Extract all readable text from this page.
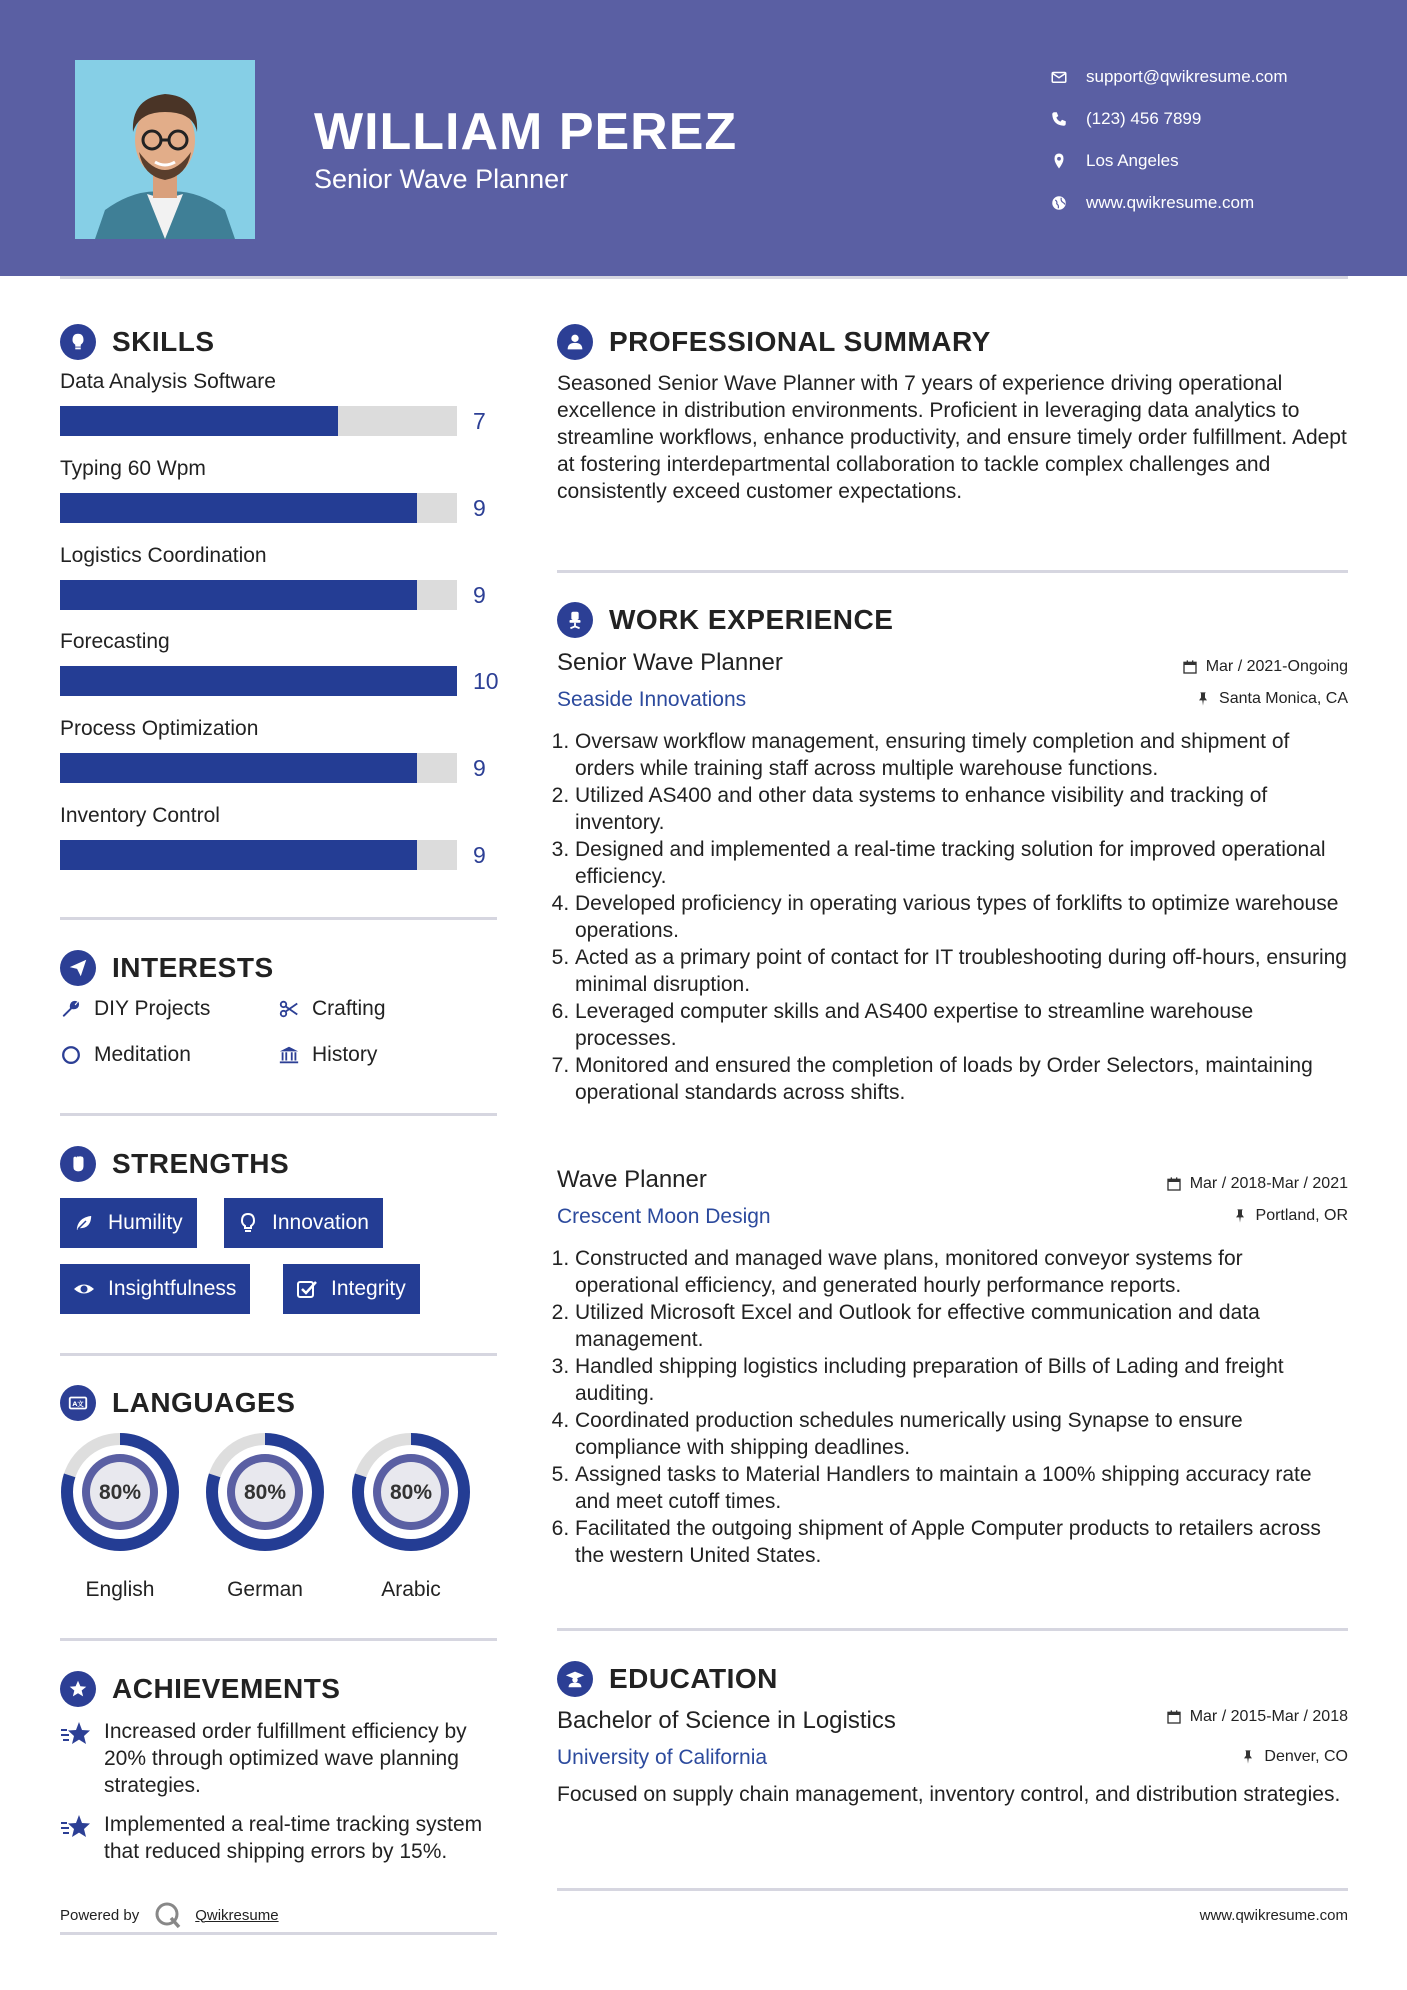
WILLIAM PEREZ
Senior Wave Planner
support@qwikresume.com
(123) 456 7899
Los Angeles
www.qwikresume.com
SKILLS
Data Analysis Software
7
Typing 60 Wpm
9
Logistics Coordination
9
Forecasting
10
Process Optimization
9
Inventory Control
9
INTERESTS
DIY Projects	Crafting
Meditation	History
STRENGTHS
Humility	Innovation
Insightfulness	Integrity
A文 LANGUAGES
80%
English
80%
German
80%
Arabic
ACHIEVEMENTS
Increased order fulfillment efficiency by 20% through optimized wave planning strategies.
Implemented a real-time tracking system that reduced shipping errors by 15%.
PROFESSIONAL SUMMARY
Seasoned Senior Wave Planner with 7 years of experience driving operational excellence in distribution environments. Proficient in leveraging data analytics to streamline workflows, enhance productivity, and ensure timely order fulfillment. Adept at fostering interdepartmental collaboration to tackle complex challenges and consistently exceed customer expectations.
WORK EXPERIENCE
Senior Wave Planner	Mar / 2021-Ongoing
Seaside Innovations	Santa Monica, CA
1. Oversaw workflow management, ensuring timely completion and shipment of orders while training staff across multiple warehouse functions.
2. Utilized AS400 and other data systems to enhance visibility and tracking of inventory.
3. Designed and implemented a real-time tracking solution for improved operational efficiency.
4. Developed proficiency in operating various types of forklifts to optimize warehouse operations.
5. Acted as a primary point of contact for IT troubleshooting during off-hours, ensuring minimal disruption.
6. Leveraged computer skills and AS400 expertise to streamline warehouse processes.
7. Monitored and ensured the completion of loads by Order Selectors, maintaining operational standards across shifts.
Wave Planner	Mar / 2018-Mar / 2021
Crescent Moon Design	Portland, OR
1. Constructed and managed wave plans, monitored conveyor systems for operational efficiency, and generated hourly performance reports.
2. Utilized Microsoft Excel and Outlook for effective communication and data management.
3. Handled shipping logistics including preparation of Bills of Lading and freight auditing.
4. Coordinated production schedules numerically using Synapse to ensure compliance with shipping deadlines.
5. Assigned tasks to Material Handlers to maintain a 100% shipping accuracy rate and meet cutoff times.
6. Facilitated the outgoing shipment of Apple Computer products to retailers across the western United States.
EDUCATION
Bachelor of Science in Logistics	Mar / 2015-Mar / 2018
University of California	Denver, CO
Focused on supply chain management, inventory control, and distribution strategies.
Powered by	Qwikresume	www.qwikresume.com
